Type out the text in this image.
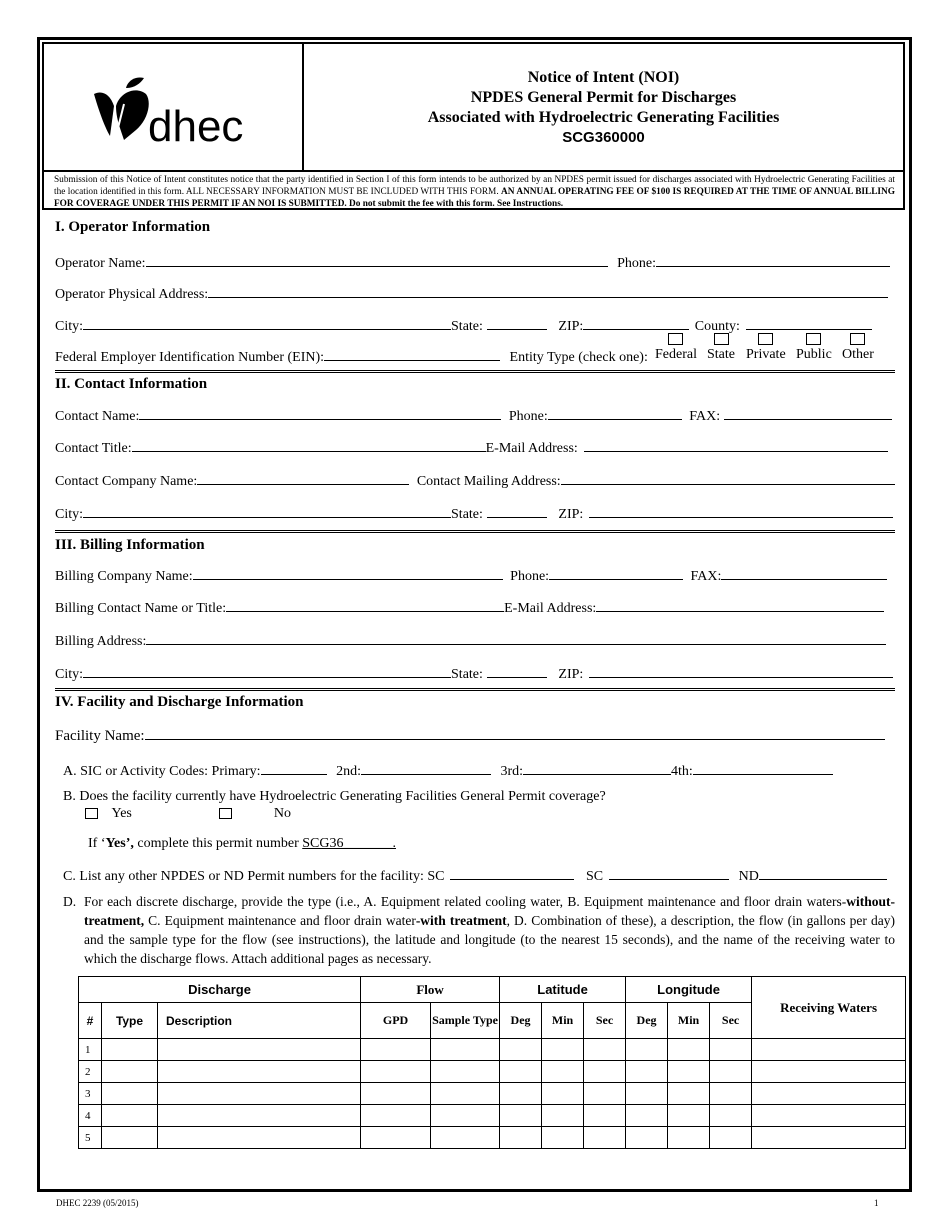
dhec
Notice of Intent (NOI)
NPDES General Permit for Discharges
Associated with Hydroelectric Generating Facilities
SCG360000
Submission of this Notice of Intent constitutes notice that the party identified in Section I of this form intends to be authorized by an NPDES permit issued for discharges associated with Hydroelectric Generating Facilities at the location identified in this form. ALL NECESSARY INFORMATION MUST BE INCLUDED WITH THIS FORM. AN ANNUAL OPERATING FEE OF $100 IS REQUIRED AT THE TIME OF ANNUAL BILLING FOR COVERAGE UNDER THIS PERMIT IF AN NOI IS SUBMITTED. Do not submit the fee with this form. See Instructions.
I. Operator Information
Operator Name:	Phone:
Operator Physical Address:
City:	State:	ZIP:	County:
Federal Employer Identification Number (EIN):	Entity Type (check one): Federal State Private Public Other
II. Contact Information
Contact Name:	Phone:	FAX:
Contact Title:	E-Mail Address:
Contact Company Name:	Contact Mailing Address:
City:	State:	ZIP:
III. Billing Information
Billing Company Name:	Phone:	FAX:
Billing Contact Name or Title:	E-Mail Address:
Billing Address:
City:	State:	ZIP:
IV. Facility and Discharge Information
Facility Name:
A. SIC or Activity Codes: Primary:	2nd:	3rd:	4th:
B. Does the facility currently have Hydroelectric Generating Facilities General Permit coverage?
Yes	No
If ‘Yes’, complete this permit number SCG36_______.
C. List any other NPDES or ND Permit numbers for the facility: SC	SC	ND
D. For each discrete discharge, provide the type (i.e., A. Equipment related cooling water, B. Equipment maintenance and floor drain waters-without-treatment, C. Equipment maintenance and floor drain water-with treatment, D. Combination of these), a description, the flow (in gallons per day) and the sample type for the flow (see instructions), the latitude and longitude (to the nearest 15 seconds), and the name of the receiving water to which the discharge flows. Attach additional pages as necessary.
Discharge			Flow		Latitude			Longitude			Receiving Waters
#	Type	Description	GPD	Sample Type	Deg	Min	Sec	Deg	Min	Sec	
1											
2											
3											
4											
5											
DHEC 2239 (05/2015)	1
